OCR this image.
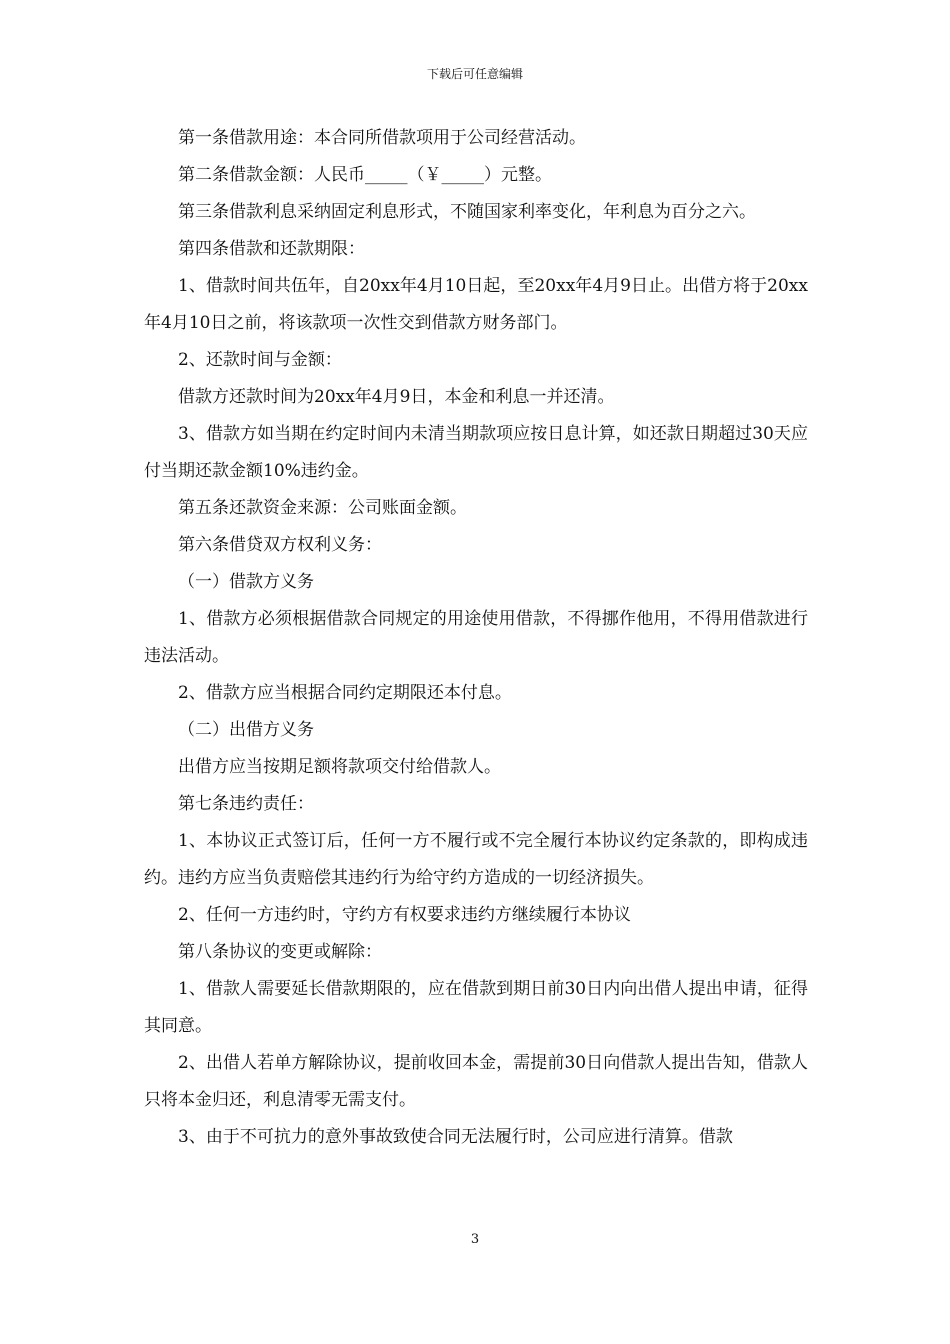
下载后可任意编辑

第一条借款用途：本合同所借款项用于公司经营活动。

第二条借款金额：人民币_____（￥_____）元整。

第三条借款利息采纳固定利息形式，不随国家利率变化，年利息为百分之六。

第四条借款和还款期限：

1、借款时间共伍年，自20xx年4月10日起，至20xx年4月9日止。出借方将于20xx年4月10日之前，将该款项一次性交到借款方财务部门。

2、还款时间与金额：

借款方还款时间为20xx年4月9日，本金和利息一并还清。

3、借款方如当期在约定时间内未清当期款项应按日息计算，如还款日期超过30天应付当期还款金额10%违约金。

第五条还款资金来源：公司账面金额。

第六条借贷双方权利义务：

（一）借款方义务

1、借款方必须根据借款合同规定的用途使用借款，不得挪作他用，不得用借款进行违法活动。

2、借款方应当根据合同约定期限还本付息。

（二）出借方义务

出借方应当按期足额将款项交付给借款人。

第七条违约责任：

1、本协议正式签订后，任何一方不履行或不完全履行本协议约定条款的，即构成违约。违约方应当负责赔偿其违约行为给守约方造成的一切经济损失。

2、任何一方违约时，守约方有权要求违约方继续履行本协议

第八条协议的变更或解除：

1、借款人需要延长借款期限的，应在借款到期日前30日内向出借人提出申请，征得其同意。

2、出借人若单方解除协议，提前收回本金，需提前30日向借款人提出告知，借款人只将本金归还，利息清零无需支付。

3、由于不可抗力的意外事故致使合同无法履行时，公司应进行清算。借款

3
